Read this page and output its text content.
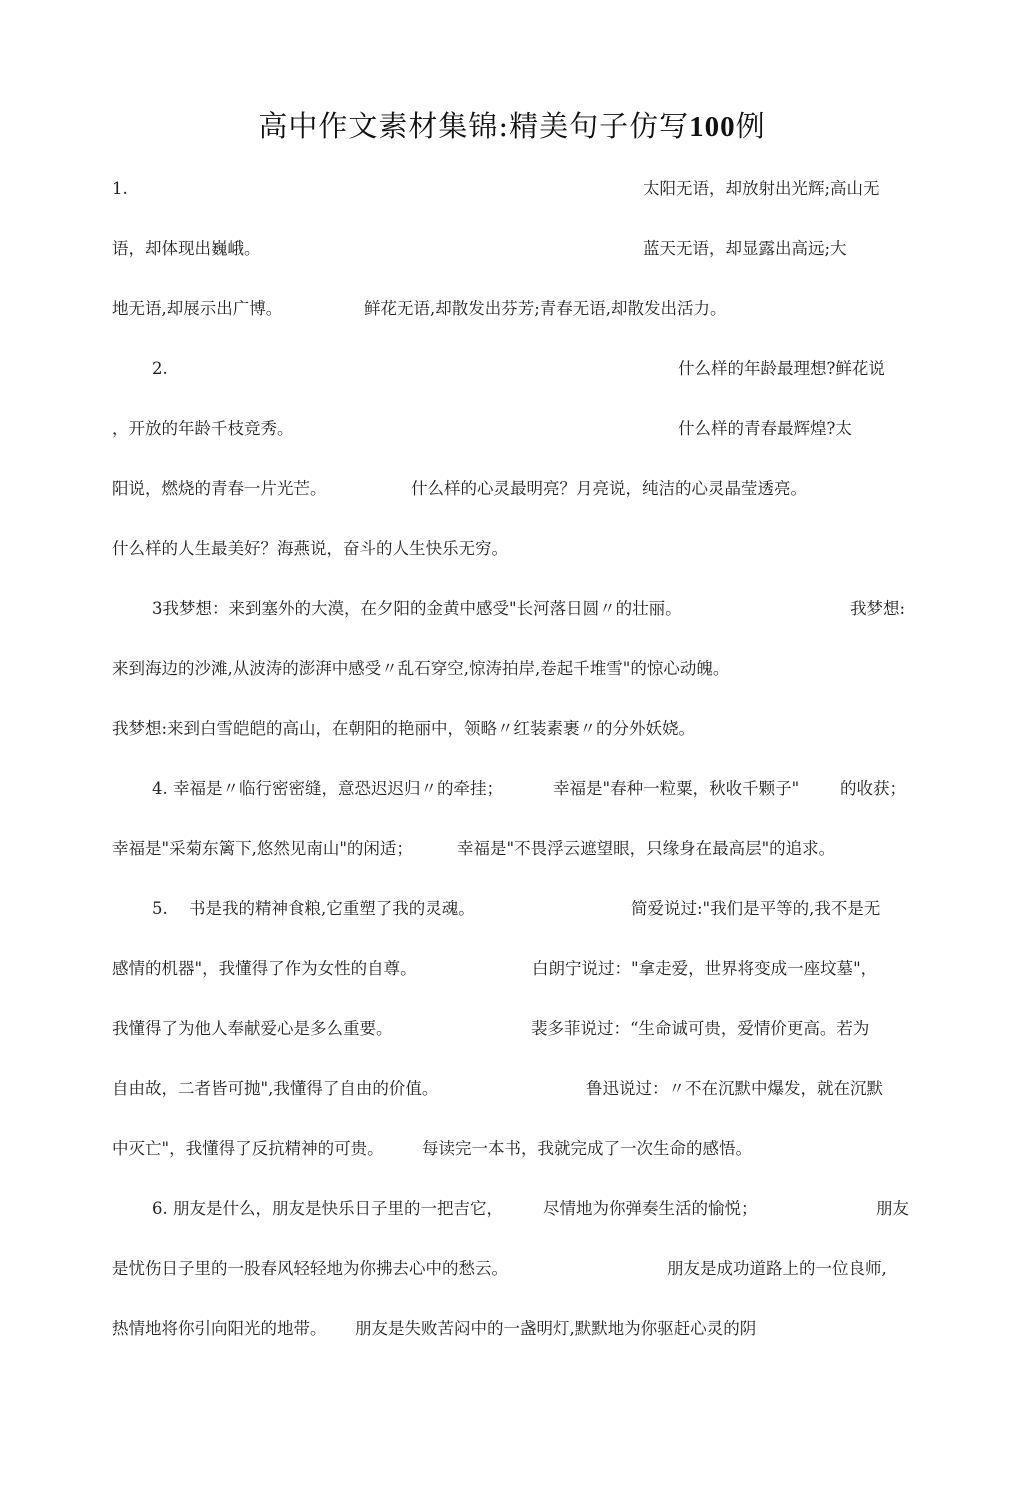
高中作文素材集锦:精美句子仿写100例
1.	太阳无语，却放射出光辉;高山无
语，却体现出巍峨。	蓝天无语，却显露出高远;大
地无语,却展示出广博。	鲜花无语,却散发出芬芳;青春无语,却散发出活力。
2.	什么样的年龄最理想?鲜花说
，开放的年龄千枝竞秀。	什么样的青春最辉煌?太
阳说，燃烧的青春一片光芒。	什么样的心灵最明亮？月亮说，纯洁的心灵晶莹透亮。
什么样的人生最美好？海燕说，奋斗的人生快乐无穷。
3我梦想：来到塞外的大漠，在夕阳的金黄中感受"长河落日圆〃的壮丽。	我梦想:
来到海边的沙滩,从波涛的澎湃中感受〃乱石穿空,惊涛拍岸,卷起千堆雪"的惊心动魄。
我梦想:来到白雪皑皑的高山，在朝阳的艳丽中，领略〃红装素裹〃的分外妖娆。
4. 幸福是〃临行密密缝，意恐迟迟归〃的牵挂；	幸福是"春种一粒粟，秋收千颗子" 的收获；
幸福是"采菊东篱下,悠然见南山"的闲适；	幸福是"不畏浮云遮望眼，只缘身在最高层"的追求。
5. 书是我的精神食粮,它重塑了我的灵魂。	简爱说过:"我们是平等的,我不是无
感情的机器"，我懂得了作为女性的自尊。	白朗宁说过："拿走爱，世界将变成一座坟墓"，
我懂得了为他人奉献爱心是多么重要。	裴多菲说过：“生命诚可贵，爱情价更高。若为
自由故，二者皆可抛",我懂得了自由的价值。	鲁迅说过：〃不在沉默中爆发，就在沉默
中灭亡"，我懂得了反抗精神的可贵。 每读完一本书，我就完成了一次生命的感悟。
6. 朋友是什么，朋友是快乐日子里的一把吉它， 尽情地为你弹奏生活的愉悦；	朋友
是忧伤日子里的一股春风轻轻地为你拂去心中的愁云。	朋友是成功道路上的一位良师,
热情地将你引向阳光的地带。 朋友是失败苦闷中的一盏明灯,默默地为你驱赶心灵的阴
